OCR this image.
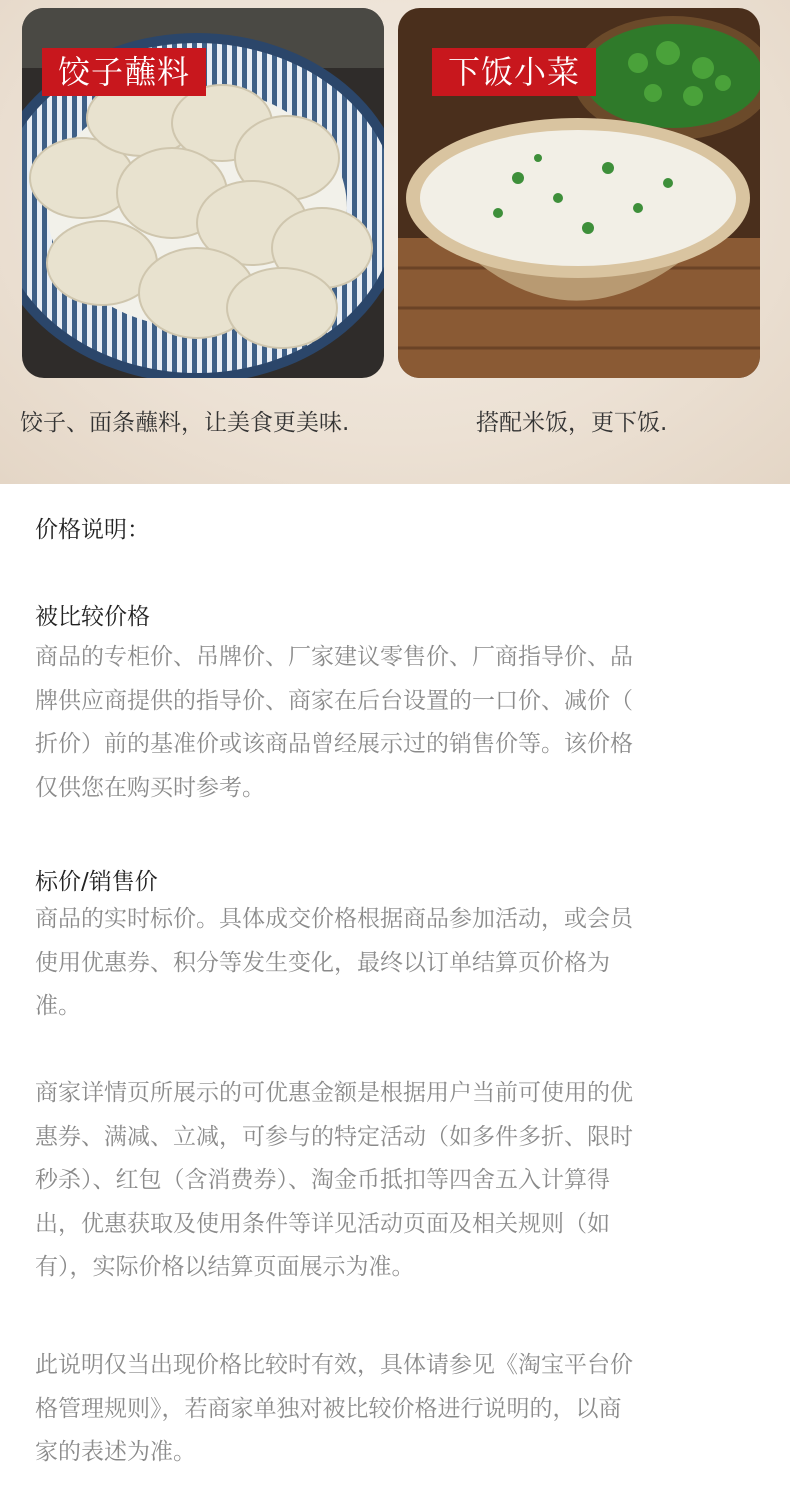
饺子蘸料	下饭小菜
饺子、面条蘸料，让美食更美味.	搭配米饭，更下饭.
价格说明：
被比较价格

商品的专柜价、吊牌价、厂家建议零售价、厂商指导价、品
牌供应商提供的指导价、商家在后台设置的一口价、减价（
折价）前的基准价或该商品曾经展示过的销售价等。该价格
仅供您在购买时参考。

标价/销售价

商品的实时标价。具体成交价格根据商品参加活动，或会员
使用优惠券、积分等发生变化，最终以订单结算页价格为
准。

商家详情页所展示的可优惠金额是根据用户当前可使用的优
惠券、满减、立减，可参与的特定活动（如多件多折、限时
秒杀）、红包（含消费券）、淘金币抵扣等四舍五入计算得
出，优惠获取及使用条件等详见活动页面及相关规则（如
有），实际价格以结算页面展示为准。

此说明仅当出现价格比较时有效，具体请参见《淘宝平台价
格管理规则》，若商家单独对被比较价格进行说明的，以商
家的表述为准。
